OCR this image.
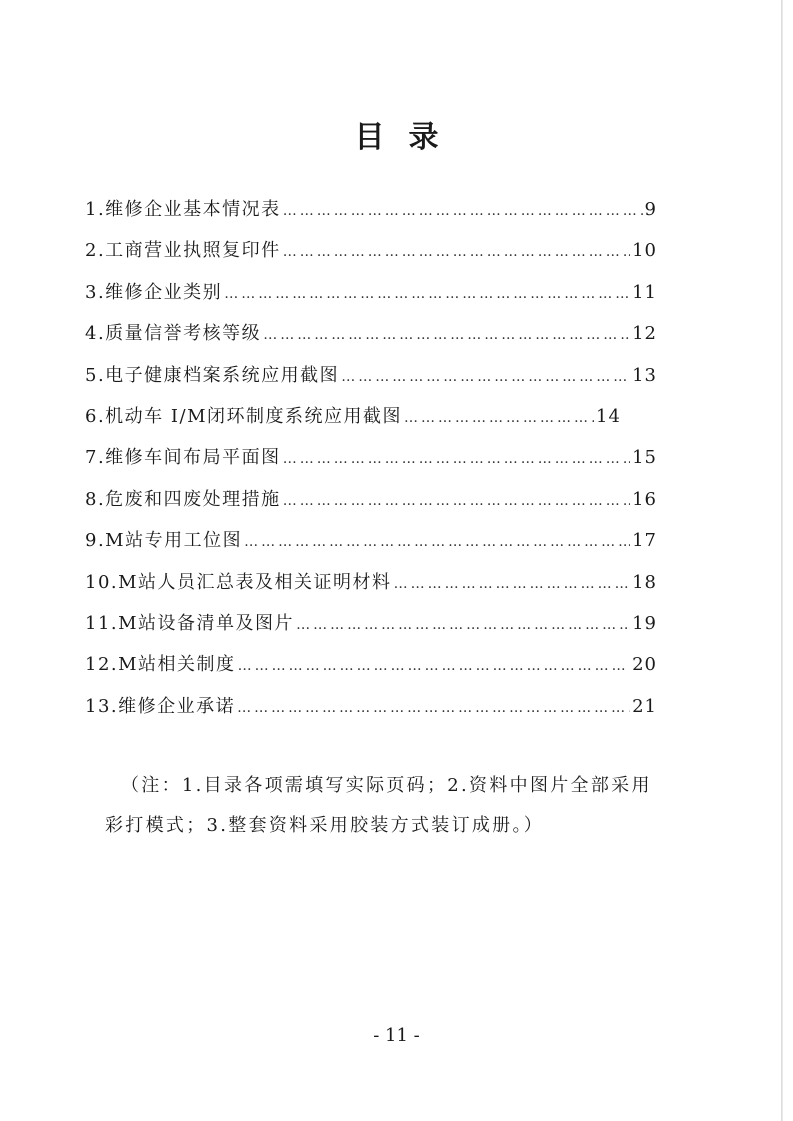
目录
1.维修企业基本情况表 …………………………………………………………………………………………………………………………………………	9
2.工商营业执照复印件 …………………………………………………………………………………………………………………………………………	10
3.维修企业类别 …………………………………………………………………………………………………………………………………………	11
4.质量信誉考核等级 …………………………………………………………………………………………………………………………………………	12
5.电子健康档案系统应用截图 …………………………………………………………………………………………………………………………………………	13
6.机动车 I/M闭环制度系统应用截图 …………………………………………………………………………………………………………………………………………	14
7.维修车间布局平面图 …………………………………………………………………………………………………………………………………………	15
8.危废和四废处理措施 …………………………………………………………………………………………………………………………………………	16
9.M站专用工位图 …………………………………………………………………………………………………………………………………………	17
10.M站人员汇总表及相关证明材料 …………………………………………………………………………………………………………………………………………	18
11.M站设备清单及图片 …………………………………………………………………………………………………………………………………………	19
12.M站相关制度 …………………………………………………………………………………………………………………………………………	20
13.维修企业承诺 …………………………………………………………………………………………………………………………………………	21
（注：1.目录各项需填写实际页码；2.资料中图片全部采用彩打模式；3.整套资料采用胶装方式装订成册。）
- 11 -
